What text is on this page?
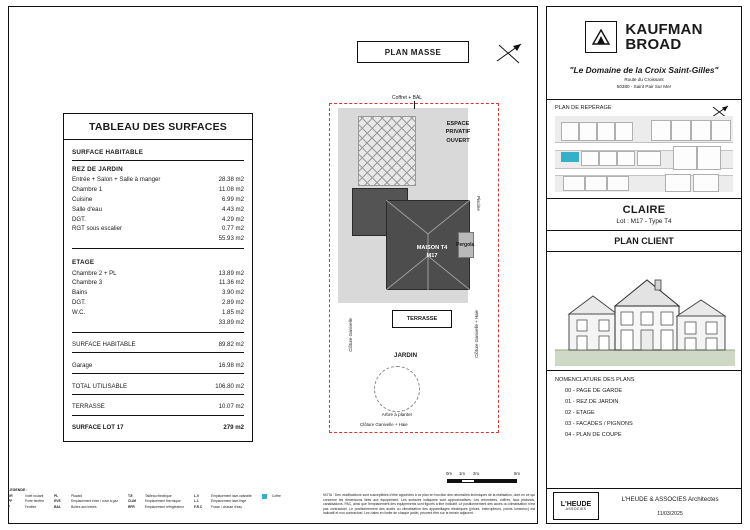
PLAN MASSE
TABLEAU DES SURFACES
SURFACE HABITABLE
REZ DE JARDIN
Entrée + Salon + Salle à manger	28.38 m2
Chambre 1	11.08 m2
Cuisine	6.99 m2
Salle d'eau	4.43 m2
DGT.	4.29 m2
RGT sous escalier	0.77 m2
55.93 m2
ETAGE
Chambre 2 + PL	13.89 m2
Chambre 3	11.36 m2
Bains	3.90 m2
DGT.	2.89 m2
W.C.	1.85 m2
33.89 m2
SURFACE HABITABLE	89.82 m2
Garage	16.98 m2
TOTAL UTILISABLE	106.80 m2
TERRASSE	10.07 m2
SURFACE LOT 17	279 m2
Coffret + BAL
ESPACE
PRIVATIF
OUVERT
MAISON T4
M17
Pergola
Piscine
TERRASSE
JARDIN
Arbre à planter
Clôture Ganivelle	Clôture Ganivelle + Haie
Clôture Ganivelle + Haie
0m 1m 2m	5m
NOTA : Des modifications sont susceptibles d'être apportées à ce plan en fonction des nécessités techniques de la réalisation, dont en ce qui concerne les dimensions liées aux équipement. Les surfaces indiquées sont approximatives. Les retombées, coffres, faux plafonds, canalisations, PAC, ainsi que l'emplacement des équipements sont figurés à titre indicatif. Le positionnement des accès ou climatisation n'est pas contractuel. Le positionnement des accès ou climatisation des appareillages électriques (prises, interrupteurs, points lumineux) est indicatif et non contractuel. Les haies en limite de chaque jardin, peuvent être sur le terrain adjacent.
LEGENDE :
VR	Volet roulant
PF	Porte fenêtre
F	Fenêtre
PL	Placard
EVE	Emplacement évier / cuve à gaz
BAL	Boîtes aux lettres
T.E	Tableau électrique
CLIM	Emplacement thermique
RFR	Emplacement réfrigérateur
L.V	Emplacement lave-vaisselle
L.L	Emplacement lave-linge
F.R.C	Fosse / chasse d'eau
Coffre
KAUFMAN
BROAD
"Le Domaine de la Croix Saint-Gilles"
Route du Croissant
50380 - Saint Pair Sur Mer
PLAN DE REPÉRAGE
CLAIRE
Lot : M17 - Type T4
PLAN CLIENT
NOMENCLATURE DES PLANS
00 - PAGE DE GARDE
01 - REZ DE JARDIN
02 - ETAGE
03 - FACADES / PIGNONS
04 - PLAN DE COUPE
L'HEUDE
ASSOCIES
L'HEUDE & ASSOCIES Architectes
11/03/2025
